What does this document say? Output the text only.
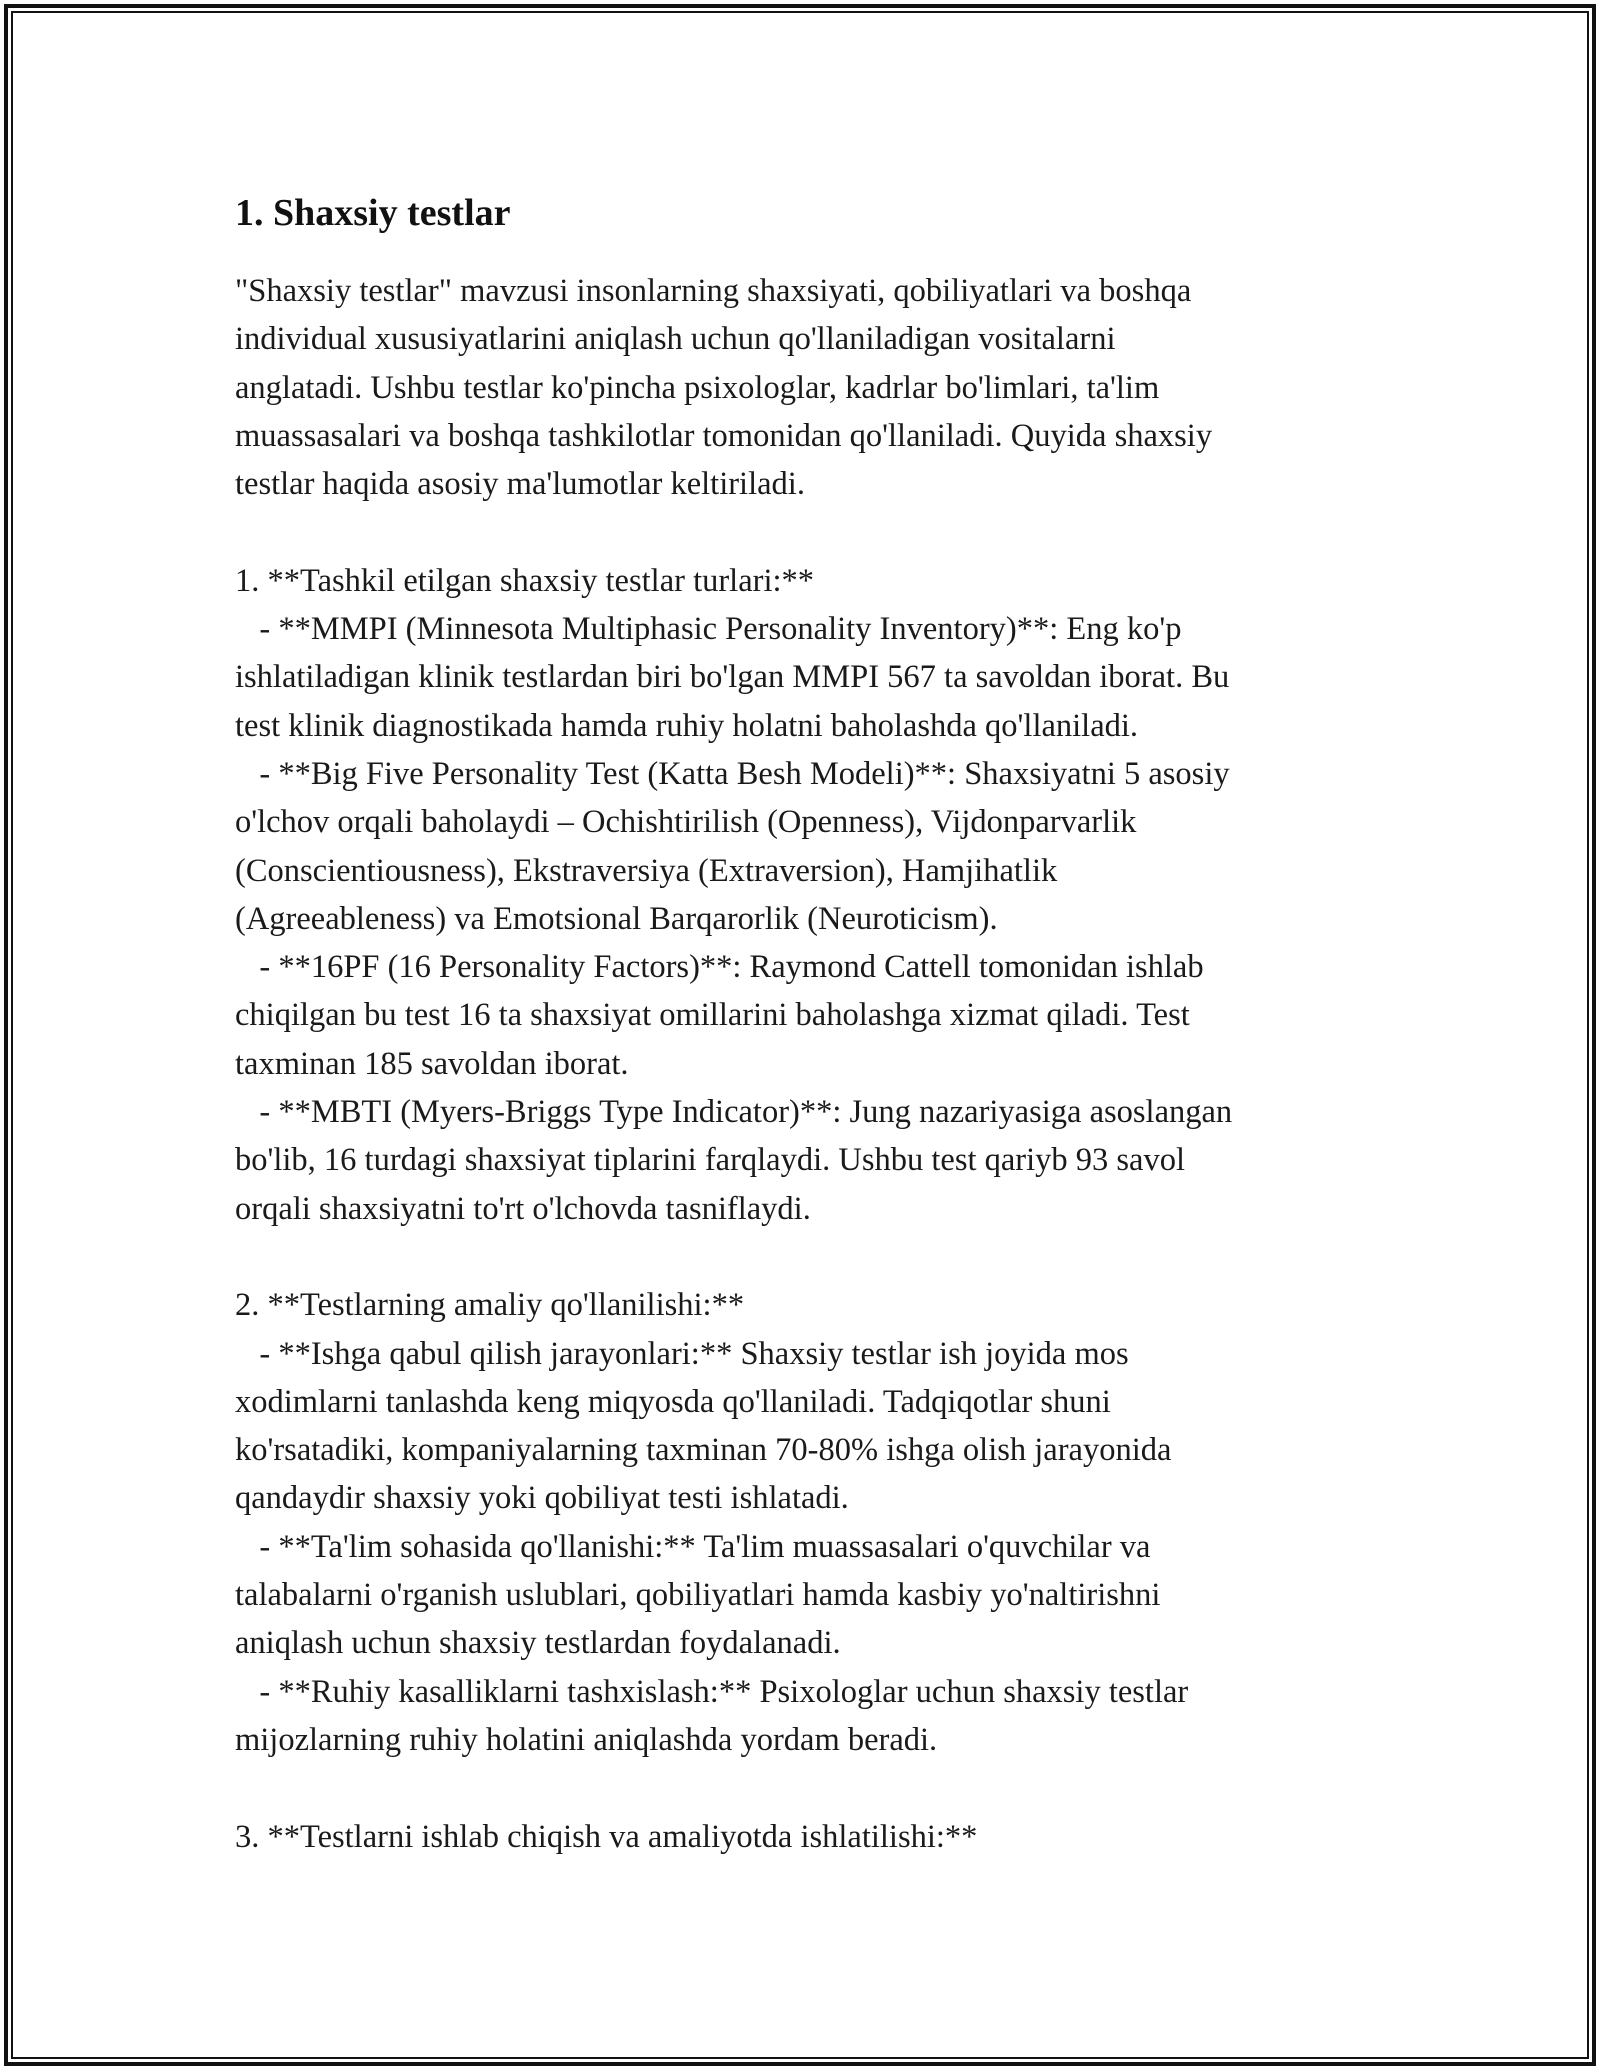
1. Shaxsiy testlar
"Shaxsiy testlar" mavzusi insonlarning shaxsiyati, qobiliyatlari va boshqa
individual xususiyatlarini aniqlash uchun qo'llaniladigan vositalarni
anglatadi. Ushbu testlar ko'pincha psixologlar, kadrlar bo'limlari, ta'lim
muassasalari va boshqa tashkilotlar tomonidan qo'llaniladi. Quyida shaxsiy
testlar haqida asosiy ma'lumotlar keltiriladi.
1. **Tashkil etilgan shaxsiy testlar turlari:**
- **MMPI (Minnesota Multiphasic Personality Inventory)**: Eng ko'p
ishlatiladigan klinik testlardan biri bo'lgan MMPI 567 ta savoldan iborat. Bu
test klinik diagnostikada hamda ruhiy holatni baholashda qo'llaniladi.
- **Big Five Personality Test (Katta Besh Modeli)**: Shaxsiyatni 5 asosiy
o'lchov orqali baholaydi – Ochishtirilish (Openness), Vijdonparvarlik
(Conscientiousness), Ekstraversiya (Extraversion), Hamjihatlik
(Agreeableness) va Emotsional Barqarorlik (Neuroticism).
- **16PF (16 Personality Factors)**: Raymond Cattell tomonidan ishlab
chiqilgan bu test 16 ta shaxsiyat omillarini baholashga xizmat qiladi. Test
taxminan 185 savoldan iborat.
- **MBTI (Myers-Briggs Type Indicator)**: Jung nazariyasiga asoslangan
bo'lib, 16 turdagi shaxsiyat tiplarini farqlaydi. Ushbu test qariyb 93 savol
orqali shaxsiyatni to'rt o'lchovda tasniflaydi.
2. **Testlarning amaliy qo'llanilishi:**
- **Ishga qabul qilish jarayonlari:** Shaxsiy testlar ish joyida mos
xodimlarni tanlashda keng miqyosda qo'llaniladi. Tadqiqotlar shuni
ko'rsatadiki, kompaniyalarning taxminan 70-80% ishga olish jarayonida
qandaydir shaxsiy yoki qobiliyat testi ishlatadi.
- **Ta'lim sohasida qo'llanishi:** Ta'lim muassasalari o'quvchilar va
talabalarni o'rganish uslublari, qobiliyatlari hamda kasbiy yo'naltirishni
aniqlash uchun shaxsiy testlardan foydalanadi.
- **Ruhiy kasalliklarni tashxislash:** Psixologlar uchun shaxsiy testlar
mijozlarning ruhiy holatini aniqlashda yordam beradi.
3. **Testlarni ishlab chiqish va amaliyotda ishlatilishi:**
